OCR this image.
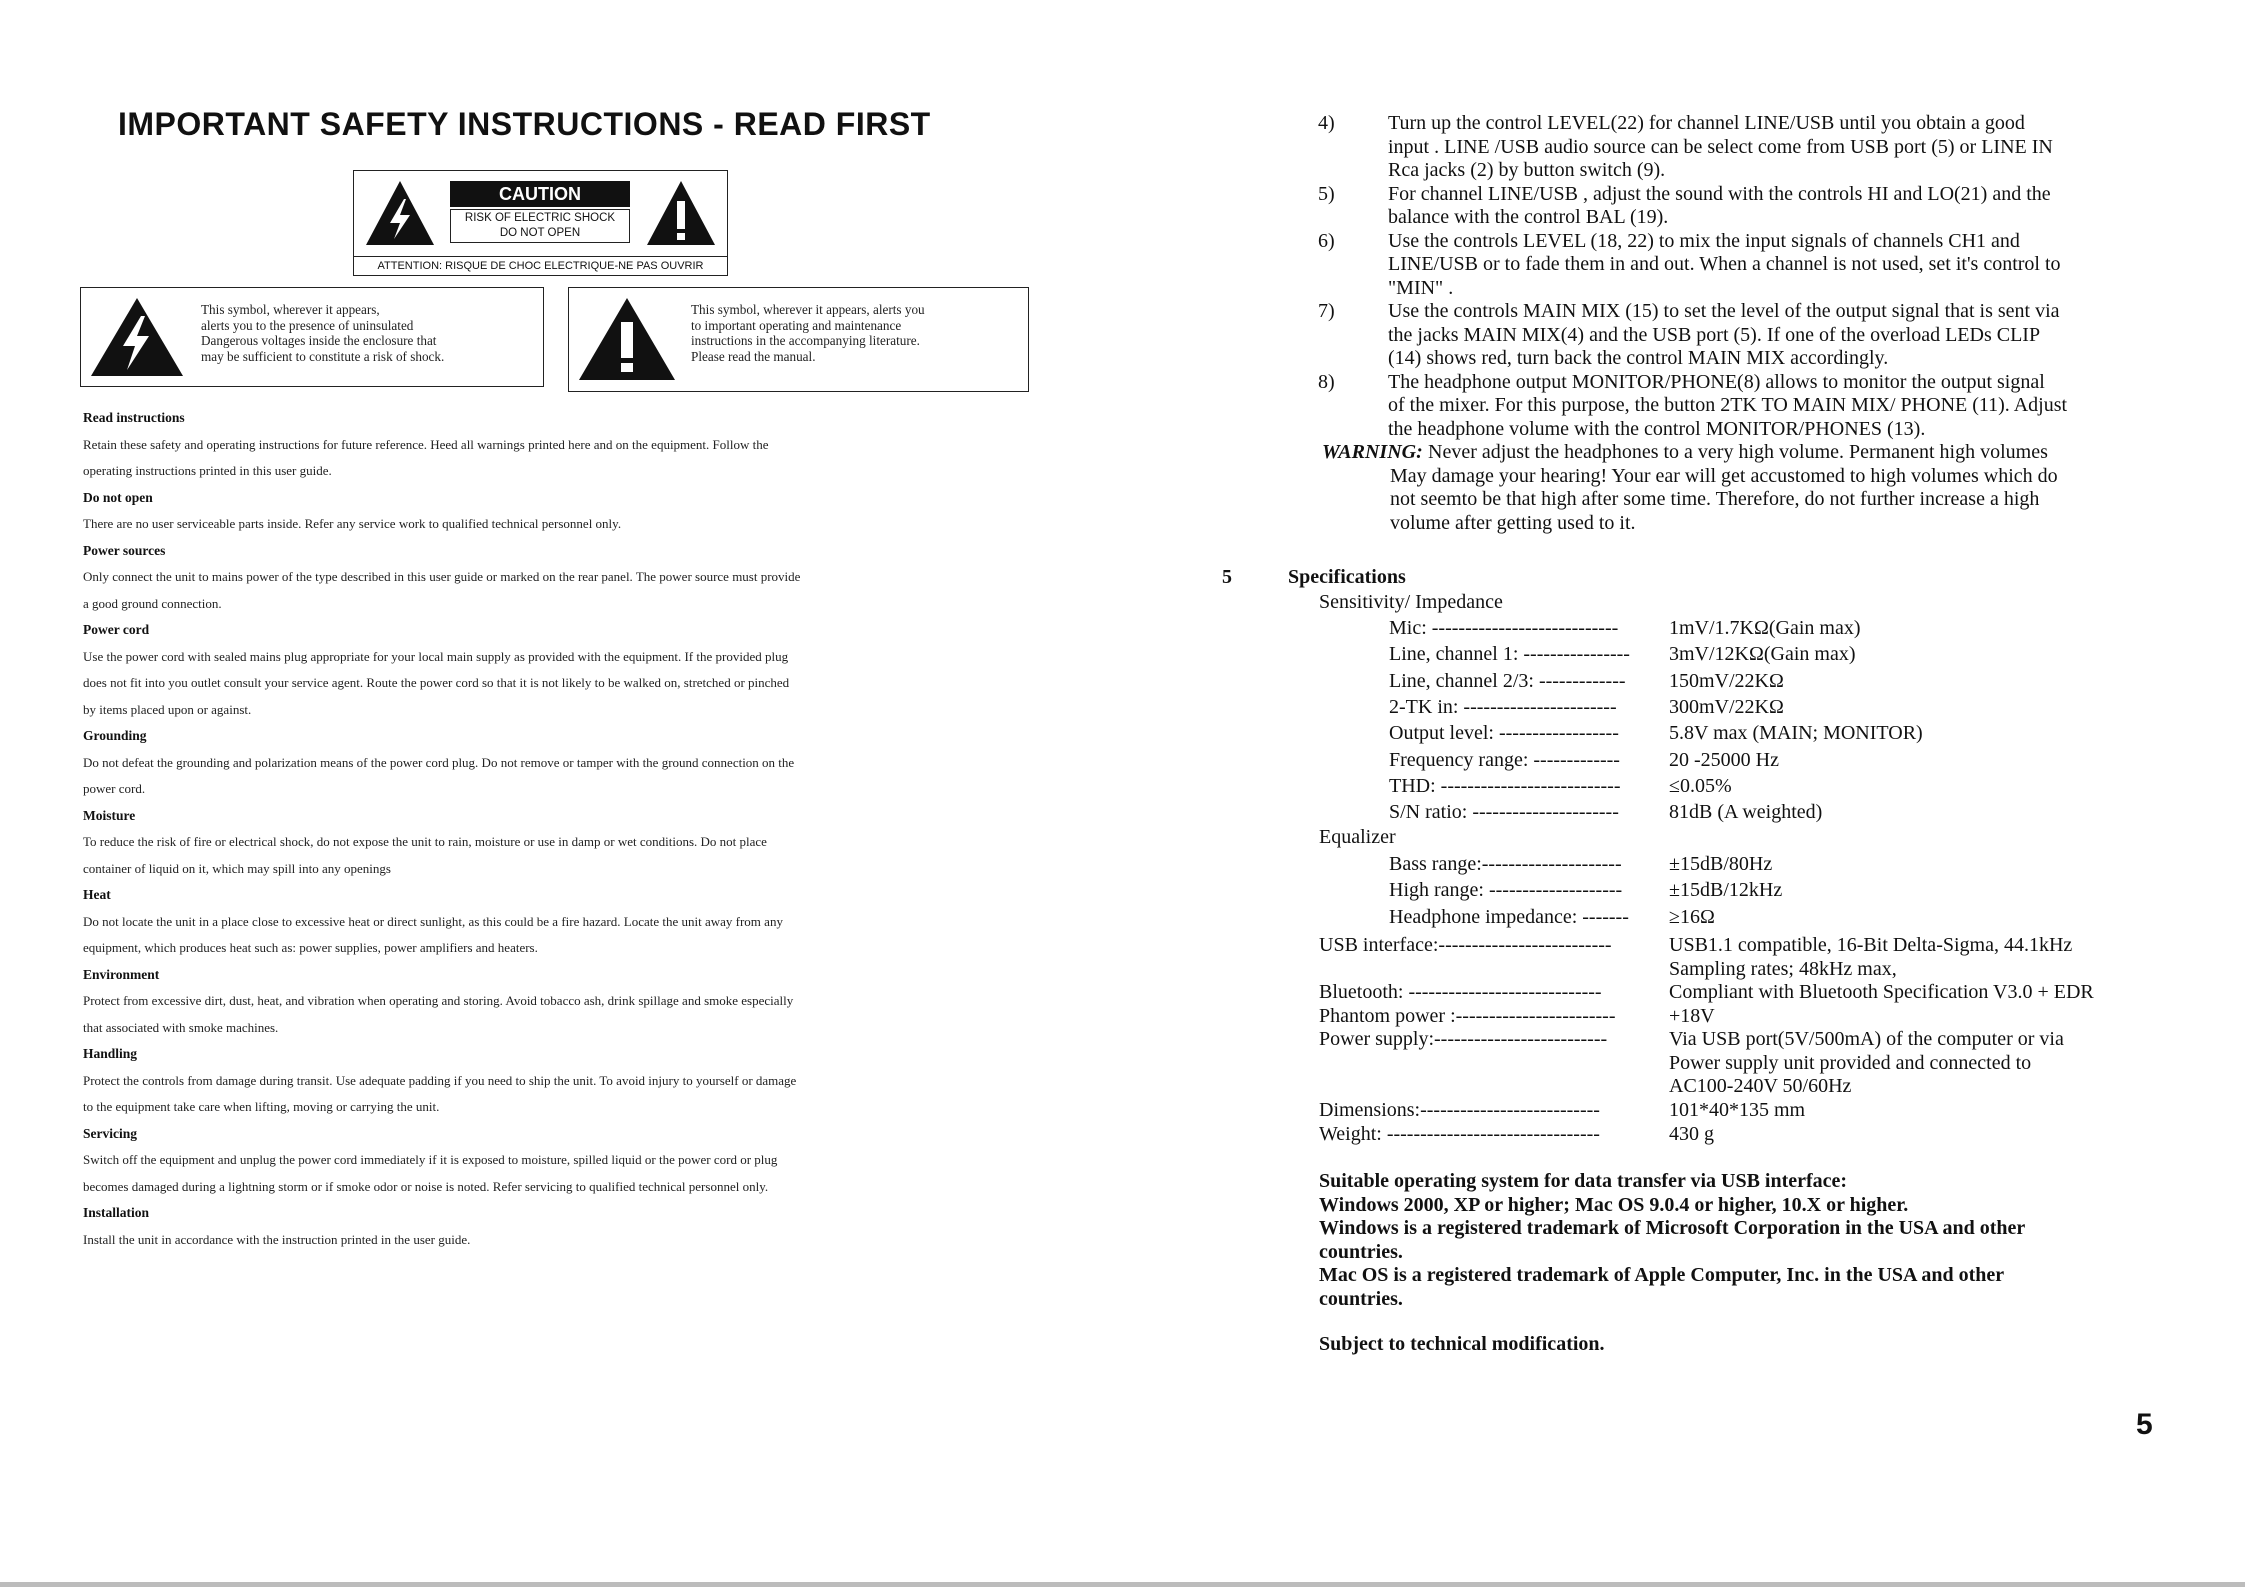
IMPORTANT SAFETY INSTRUCTIONS - READ FIRST
CAUTION
RISK OF ELECTRIC SHOCK
DO NOT OPEN
ATTENTION: RISQUE DE CHOC ELECTRIQUE-NE PAS OUVRIR
This symbol, wherever it appears,
alerts you to the presence of uninsulated
Dangerous voltages inside the enclosure that
may be sufficient to constitute a risk of shock.
This symbol, wherever it appears, alerts you
to important operating and maintenance
instructions in the accompanying literature.
Please read the manual.
Read instructions
Retain these safety and operating instructions for future reference. Heed all warnings printed here and on the equipment. Follow the
operating instructions printed in this user guide.
Do not open
There are no user serviceable parts inside. Refer any service work to qualified technical personnel only.
Power sources
Only connect the unit to mains power of the type described in this user guide or marked on the rear panel. The power source must provide
a good ground connection.
Power cord
Use the power cord with sealed mains plug appropriate for your local main supply as provided with the equipment. If the provided plug
does not fit into you outlet consult your service agent. Route the power cord so that it is not likely to be walked on, stretched or pinched
by items placed upon or against.
Grounding
Do not defeat the grounding and polarization means of the power cord plug. Do not remove or tamper with the ground connection on the
power cord.
Moisture
To reduce the risk of fire or electrical shock, do not expose the unit to rain, moisture or use in damp or wet conditions. Do not place
container of liquid on it, which may spill into any openings
Heat
Do not locate the unit in a place close to excessive heat or direct sunlight, as this could be a fire hazard. Locate the unit away from any
equipment, which produces heat such as: power supplies, power amplifiers and heaters.
Environment
Protect from excessive dirt, dust, heat, and vibration when operating and storing. Avoid tobacco ash, drink spillage and smoke especially
that associated with smoke machines.
Handling
Protect the controls from damage during transit. Use adequate padding if you need to ship the unit. To avoid injury to yourself or damage
to the equipment take care when lifting, moving or carrying the unit.
Servicing
Switch off the equipment and unplug the power cord immediately if it is exposed to moisture, spilled liquid or the power cord or plug
becomes damaged during a lightning storm or if smoke odor or noise is noted. Refer servicing to qualified technical personnel only.
Installation
Install the unit in accordance with the instruction printed in the user guide.
4)	Turn up the control LEVEL(22) for channel LINE/USB until you obtain a good
input . LINE /USB audio source can be select come from USB port (5) or LINE IN
Rca jacks (2) by button switch (9).
5)	For channel LINE/USB , adjust the sound with the controls HI and LO(21) and the
balance with the control BAL (19).
6)	Use the controls LEVEL (18, 22) to mix the input signals of channels CH1 and
LINE/USB or to fade them in and out. When a channel is not used, set it's control to
"MIN" .
7)	Use the controls MAIN MIX (15) to set the level of the output signal that is sent via
the jacks MAIN MIX(4) and the USB port (5). If one of the overload LEDs CLIP
(14) shows red, turn back the control MAIN MIX accordingly.
8)	The headphone output MONITOR/PHONE(8) allows to monitor the output signal
of the mixer. For this purpose, the button 2TK TO MAIN MIX/ PHONE (11). Adjust
the headphone volume with the control MONITOR/PHONES (13).
WARNING: Never adjust the headphones to a very high volume. Permanent high volumes
May damage your hearing! Your ear will get accustomed to high volumes which do
not seemto be that high after some time. Therefore, do not further increase a high
volume after getting used to it.
5	Specifications
Sensitivity/ Impedance
Mic: ----------------------------	1mV/1.7KΩ(Gain max)
Line, channel 1: ---------------- 3mV/12KΩ(Gain max)
Line, channel 2/3: ------------- 150mV/22KΩ
2-TK in: -----------------------	300mV/22KΩ
Output level: ------------------	5.8V max (MAIN; MONITOR)
Frequency range: ------------- 20 -25000 Hz
THD: --------------------------- ≤0.05%
S/N ratio: ----------------------	81dB (A weighted)
Equalizer
Bass range:--------------------- ±15dB/80Hz
High range: -------------------- ±15dB/12kHz
Headphone impedance: ------- ≥16Ω
USB interface:--------------------------	USB1.1 compatible, 16-Bit Delta-Sigma, 44.1kHz
Sampling rates; 48kHz max,
Bluetooth: -----------------------------	Compliant with Bluetooth Specification V3.0 + EDR
Phantom power :------------------------	+18V
Power supply:--------------------------	Via USB port(5V/500mA) of the computer or via
Power supply unit provided and connected to
AC100-240V 50/60Hz
Dimensions:---------------------------	101*40*135 mm
Weight: --------------------------------	430 g
Suitable operating system for data transfer via USB interface:
Windows 2000, XP or higher; Mac OS 9.0.4 or higher, 10.X or higher.
Windows is a registered trademark of Microsoft Corporation in the USA and other
countries.
Mac OS is a registered trademark of Apple Computer, Inc. in the USA and other
countries.
Subject to technical modification.
5
